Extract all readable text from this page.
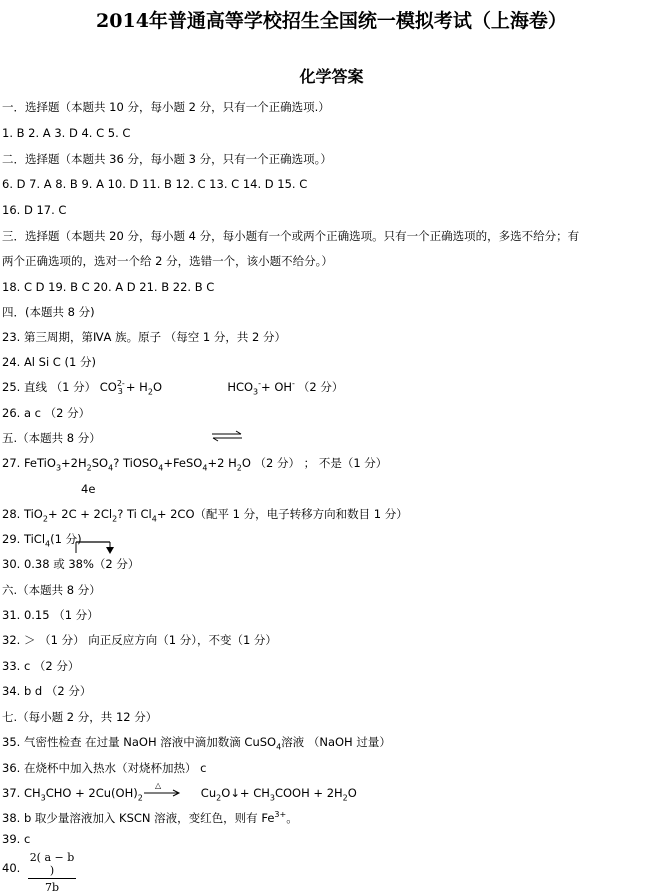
2014年普通高等学校招生全国统一模拟考试（上海卷）
化学答案
一．选择题（本题共 10 分，每小题 2 分，只有一个正确选项.）
1. B 2. A 3. D 4. C 5. C
二．选择题（本题共 36 分，每小题 3 分，只有一个正确选项。）
6. D 7. A 8. B 9. A 10. D 11. B 12. C 13. C 14. D 15. C
16. D 17. C
三．选择题（本题共 20 分，每小题 4 分，每小题有一个或两个正确选项。只有一个正确选项的，多选不给分；有
两个正确选项的，选对一个给 2 分，选错一个，该小题不给分。）
18. C D 19. B C 20. A D 21. B 22. B C
四．(本题共 8 分)
23. 第三周期，第ⅣA 族。原子 （每空 1 分，共 2 分）
24. Al Si C (1 分)
25. 直线 （1 分） $CO^{2-}_3+ H_2O$	$HCO_3^-+ OH^-$ （2 分）
26. a c （2 分）
五.（本题共 8 分）
27. $FeTiO_3+2H_2SO_4$? TiOSO$_4$+FeSO$_4$+2 $H_2O$ （2 分） ； 不是（1 分）
4e
28. $TiO_2+ 2C + 2Cl_2$? Ti $Cl_4+ 2CO$（配平 1 分，电子转移方向和数目 1 分）
29. TiCl$_4$(1 分)
30. 0.38 或 38%（2 分）
六.（本题共 8 分）
31. 0.15 （1 分）
32. ＞ （1 分） 向正反应方向（1 分），不变（1 分）
33. c （2 分）
34. b d （2 分）
七.（每小题 2 分，共 12 分）
35. 气密性检查 在过量 NaOH 溶液中滴加数滴 CuSO$_4$溶液 （NaOH 过量）
36. 在烧杯中加入热水（对烧杯加热） c
37. $CH_3CHO + 2Cu(OH)_2$	$Cu_2O↓+$ $CH_3COOH + 2H_2O$
△
38. b 取少量溶液加入 KSCN 溶液，变红色，则有 $Fe^{3+}$。
39. c
40. $\frac{2( a - b )}{7b}$
